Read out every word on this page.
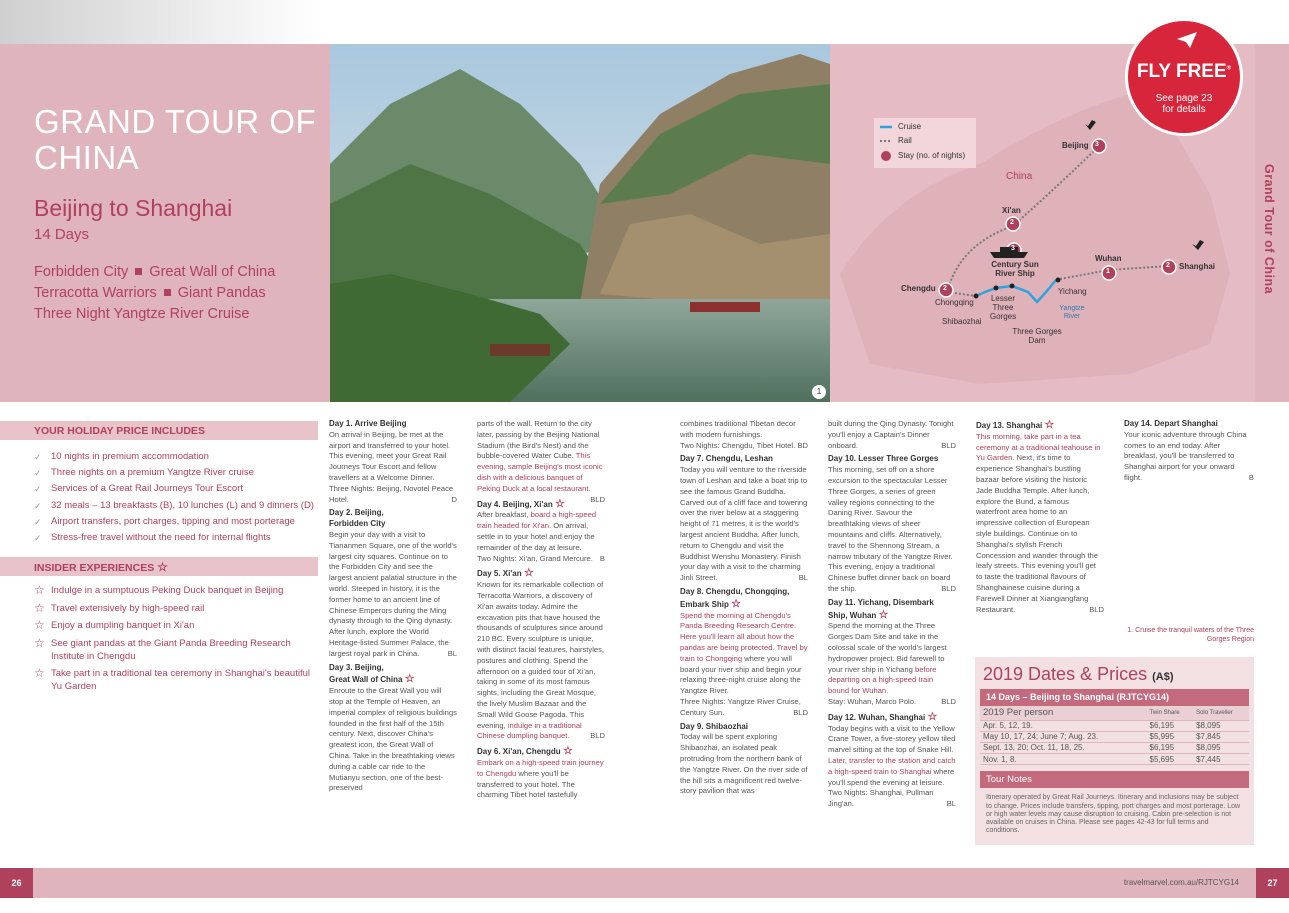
GRAND TOUR OF CHINA
Beijing to Shanghai
14 Days
Forbidden City Great Wall of China
Terracotta Warriors Giant Pandas
Three Night Yangtze River Cruise
1
Cruise
Rail
Stay (no. of nights)
China
Beijing 3
Xi'an
2
3
Century Sun River Ship
Wuhan
1
Shanghai
2
Chengdu 2
Chongqing
Shibaozhai
Lesser Three Gorges
Yichang
Yangtze River
Three Gorges Dam
Grand Tour of China
FLY FREE®
See page 23
for details
YOUR HOLIDAY PRICE INCLUDES
✓ 10 nights in premium accommodation
✓ Three nights on a premium Yangtze River cruise
✓ Services of a Great Rail Journeys Tour Escort
✓ 32 meals – 13 breakfasts (B), 10 lunches (L) and 9 dinners (D)
✓ Airport transfers, port charges, tipping and most porterage
✓ Stress-free travel without the need for internal flights
INSIDER EXPERIENCES ☆
☆ Indulge in a sumptuous Peking Duck banquet in Beijing
☆ Travel extensively by high-speed rail
☆ Enjoy a dumpling banquet in Xi'an
☆ See giant pandas at the Giant Panda Breeding Research Institute in Chengdu
☆ Take part in a traditional tea ceremony in Shanghai's beautiful Yu Garden
Day 1. Arrive Beijing
On arrival in Beijing, be met at the airport and transferred to your hotel. This evening, meet your Great Rail Journeys Tour Escort and fellow travellers at a Welcome Dinner.
Three Nights: Beijing, Novotel Peace Hotel.	D
Day 2. Beijing,
Forbidden City
Begin your day with a visit to Tiananmen Square, one of the world's largest city squares. Continue on to the Forbidden City and see the largest ancient palatial structure in the world. Steeped in history, it is the former home to an ancient line of Chinese Emperors during the Ming dynasty through to the Qing dynasty. After lunch, explore the World Heritage-listed Summer Palace, the largest royal park in China.	BL
Day 3. Beijing,
Great Wall of China ☆
Enroute to the Great Wall you will stop at the Temple of Heaven, an imperial complex of religious buildings founded in the first half of the 15th century. Next, discover China's greatest icon, the Great Wall of China. Take in the breathtaking views during a cable car ride to the Mutianyu section, one of the best-preserved
parts of the wall. Return to the city later, passing by the Beijing National Stadium (the Bird's Nest) and the bubble-covered Water Cube. This evening, sample Beijing's most iconic dish with a delicious banquet of Peking Duck at a local restaurant.
BLD
Day 4. Beijing, Xi'an ☆
After breakfast, board a high-speed train headed for Xi'an. On arrival, settle in to your hotel and enjoy the remainder of the day at leisure.
Two Nights: Xi'an, Grand Mercure. B
Day 5. Xi'an ☆
Known for its remarkable collection of Terracotta Warriors, a discovery of Xi'an awaits today. Admire the excavation pits that have housed the thousands of sculptures since around 210 BC. Every sculpture is unique, with distinct facial features, hairstyles, postures and clothing. Spend the afternoon on a guided tour of Xi'an, taking in some of its most famous sights, including the Great Mosque, the lively Muslim Bazaar and the Small Wild Goose Pagoda. This evening, indulge in a traditional Chinese dumpling banquet.	BLD
Day 6. Xi'an, Chengdu ☆
Embark on a high-speed train journey to Chengdu where you'll be transferred to your hotel. The charming Tibet hotel tastefully
combines traditional Tibetan decor with modern furnishings.
Two Nights: Chengdu, Tibet Hotel. BD
Day 7. Chengdu, Leshan
Today you will venture to the riverside town of Leshan and take a boat trip to see the famous Grand Buddha. Carved out of a cliff face and towering over the river below at a staggering height of 71 metres, it is the world's largest ancient Buddha. After lunch, return to Chengdu and visit the Buddhist Wenshu Monastery. Finish your day with a visit to the charming Jinli Street.	BL
Day 8. Chengdu, Chongqing,
Embark Ship ☆
Spend the morning at Chengdu's Panda Breeding Research Centre. Here you'll learn all about how the pandas are being protected. Travel by train to Chongqing where you will board your river ship and begin your relaxing three-night cruise along the Yangtze River.
Three Nights: Yangtze River Cruise, Century Sun.	BLD
Day 9. Shibaozhai
Today will be spent exploring Shibaozhai, an isolated peak protruding from the northern bank of the Yangtze River. On the river side of the hill sits a magnificent red twelve-story pavilion that was
built during the Qing Dynasty. Tonight you'll enjoy a Captain's Dinner onboard.	BLD
Day 10. Lesser Three Gorges
This morning, set off on a shore excursion to the spectacular Lesser Three Gorges, a series of green valley regions connecting to the Daning River. Savour the breathtaking views of sheer mountains and cliffs. Alternatively, travel to the Shennong Stream, a narrow tributary of the Yangtze River. This evening, enjoy a traditional Chinese buffet dinner back on board the ship.	BLD
Day 11. Yichang, Disembark
Ship, Wuhan ☆
Spend the morning at the Three Gorges Dam Site and take in the colossal scale of the world's largest hydropower project. Bid farewell to your river ship in Yichang before departing on a high-speed train bound for Wuhan.
Stay: Wuhan, Marco Polo.	BLD
Day 12. Wuhan, Shanghai ☆
Today begins with a visit to the Yellow Crane Tower, a five-storey yellow tiled marvel sitting at the top of Snake Hill. Later, transfer to the station and catch a high-speed train to Shanghai where you'll spend the evening at leisure.
Two Nights: Shanghai, Pullman Jing'an.	BL
Day 13. Shanghai ☆
This morning, take part in a tea ceremony at a traditional teahouse in Yu Garden. Next, it's time to experience Shanghai's bustling bazaar before visiting the historic Jade Buddha Temple. After lunch, explore the Bund, a famous waterfront area home to an impressive collection of European style buildings. Continue on to Shanghai's stylish French Concession and wander through the leafy streets. This evening you'll get to taste the traditional flavours of Shanghainese cuisine during a Farewell Dinner at Xiangiangfang Restaurant.	BLD
Day 14. Depart Shanghai
Your iconic adventure through China comes to an end today. After breakfast, you'll be transferred to Shanghai airport for your onward flight.	B
1. Cruise the tranquil waters of the Three Gorges Region
2019 Dates & Prices (A$)
14 Days – Beijing to Shanghai (RJTCYG14)
2019 Per person	Twin Share	Solo Traveller
Apr. 5, 12, 19.	$6,195	$8,095
May 10, 17, 24; June 7; Aug. 23.	$5,995	$7,845
Sept. 13, 20; Oct. 11, 18, 25.	$6,195	$8,095
Nov. 1, 8.	$5,695	$7,445
Tour Notes
Itinerary operated by Great Rail Journeys. Itinerary and inclusions may be subject to change. Prices include transfers, tipping, port charges and most porterage. Low or high water levels may cause disruption to cruising. Cabin pre-selection is not available on cruises in China. Please see pages 42-43 for full terms and conditions.
26	27
travelmarvel.com.au/RJTCYG14
